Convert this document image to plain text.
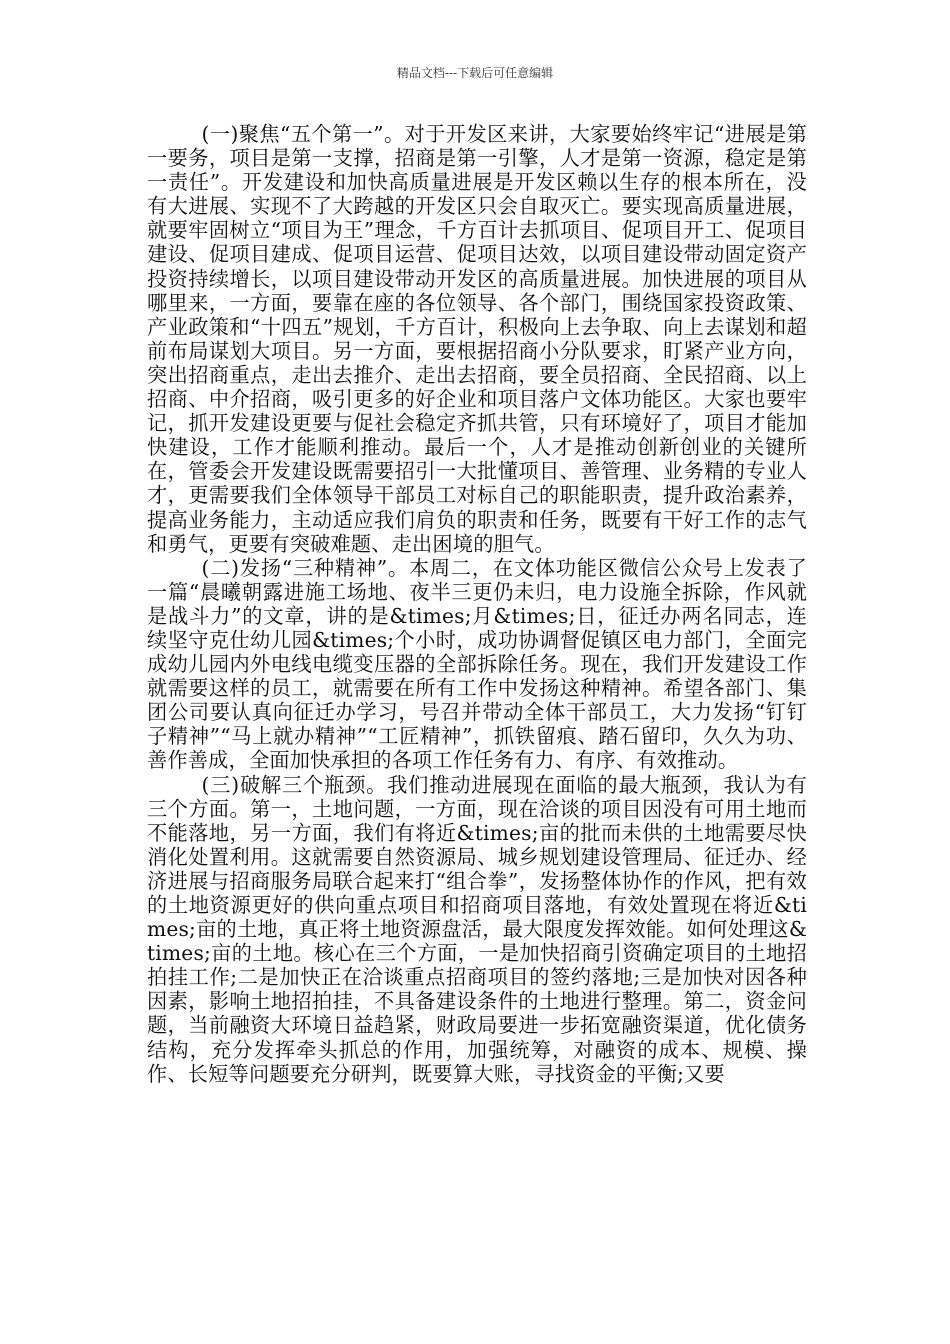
精品文档---下载后可任意编辑

(一)聚焦“五个第一”。对于开发区来讲，大家要始终牢记“进展是第一要务，项目是第一支撑，招商是第一引擎，人才是第一资源，稳定是第一责任”。开发建设和加快高质量进展是开发区赖以生存的根本所在，没有大进展、实现不了大跨越的开发区只会自取灭亡。要实现高质量进展，就要牢固树立“项目为王”理念，千方百计去抓项目、促项目开工、促项目建设、促项目建成、促项目运营、促项目达效，以项目建设带动固定资产投资持续增长，以项目建设带动开发区的高质量进展。加快进展的项目从哪里来，一方面，要靠在座的各位领导、各个部门，围绕国家投资政策、产业政策和“十四五”规划，千方百计，积极向上去争取、向上去谋划和超前布局谋划大项目。另一方面，要根据招商小分队要求，盯紧产业方向，突出招商重点，走出去推介、走出去招商，要全员招商、全民招商、以上招商、中介招商，吸引更多的好企业和项目落户文体功能区。大家也要牢记，抓开发建设更要与促社会稳定齐抓共管，只有环境好了，项目才能加快建设，工作才能顺利推动。最后一个，人才是推动创新创业的关键所在，管委会开发建设既需要招引一大批懂项目、善管理、业务精的专业人才，更需要我们全体领导干部员工对标自己的职能职责，提升政治素养，提高业务能力，主动适应我们肩负的职责和任务，既要有干好工作的志气和勇气，更要有突破难题、走出困境的胆气。

(二)发扬“三种精神”。本周二，在文体功能区微信公众号上发表了一篇“晨曦朝露进施工场地、夜半三更仍未归，电力设施全拆除，作风就是战斗力”的文章，讲的是&times;月&times;日，征迁办两名同志，连续坚守克仕幼儿园&times;个小时，成功协调督促镇区电力部门，全面完成幼儿园内外电线电缆变压器的全部拆除任务。现在，我们开发建设工作就需要这样的员工，就需要在所有工作中发扬这种精神。希望各部门、集团公司要认真向征迁办学习，号召并带动全体干部员工，大力发扬“钉钉子精神”“马上就办精神”“工匠精神”，抓铁留痕、踏石留印，久久为功、善作善成，全面加快承担的各项工作任务有力、有序、有效推动。

(三)破解三个瓶颈。我们推动进展现在面临的最大瓶颈，我认为有三个方面。第一，土地问题，一方面，现在洽谈的项目因没有可用土地而不能落地，另一方面，我们有将近&times;亩的批而未供的土地需要尽快消化处置利用。这就需要自然资源局、城乡规划建设管理局、征迁办、经济进展与招商服务局联合起来打“组合拳”，发扬整体协作的作风，把有效的土地资源更好的供向重点项目和招商项目落地，有效处置现在将近&times;亩的土地，真正将土地资源盘活，最大限度发挥效能。如何处理这&times;亩的土地。核心在三个方面，一是加快招商引资确定项目的土地招拍挂工作;二是加快正在洽谈重点招商项目的签约落地;三是加快对因各种因素，影响土地招拍挂，不具备建设条件的土地进行整理。第二，资金问题，当前融资大环境日益趋紧，财政局要进一步拓宽融资渠道，优化债务结构，充分发挥牵头抓总的作用，加强统筹，对融资的成本、规模、操作、长短等问题要充分研判，既要算大账，寻找资金的平衡;又要
